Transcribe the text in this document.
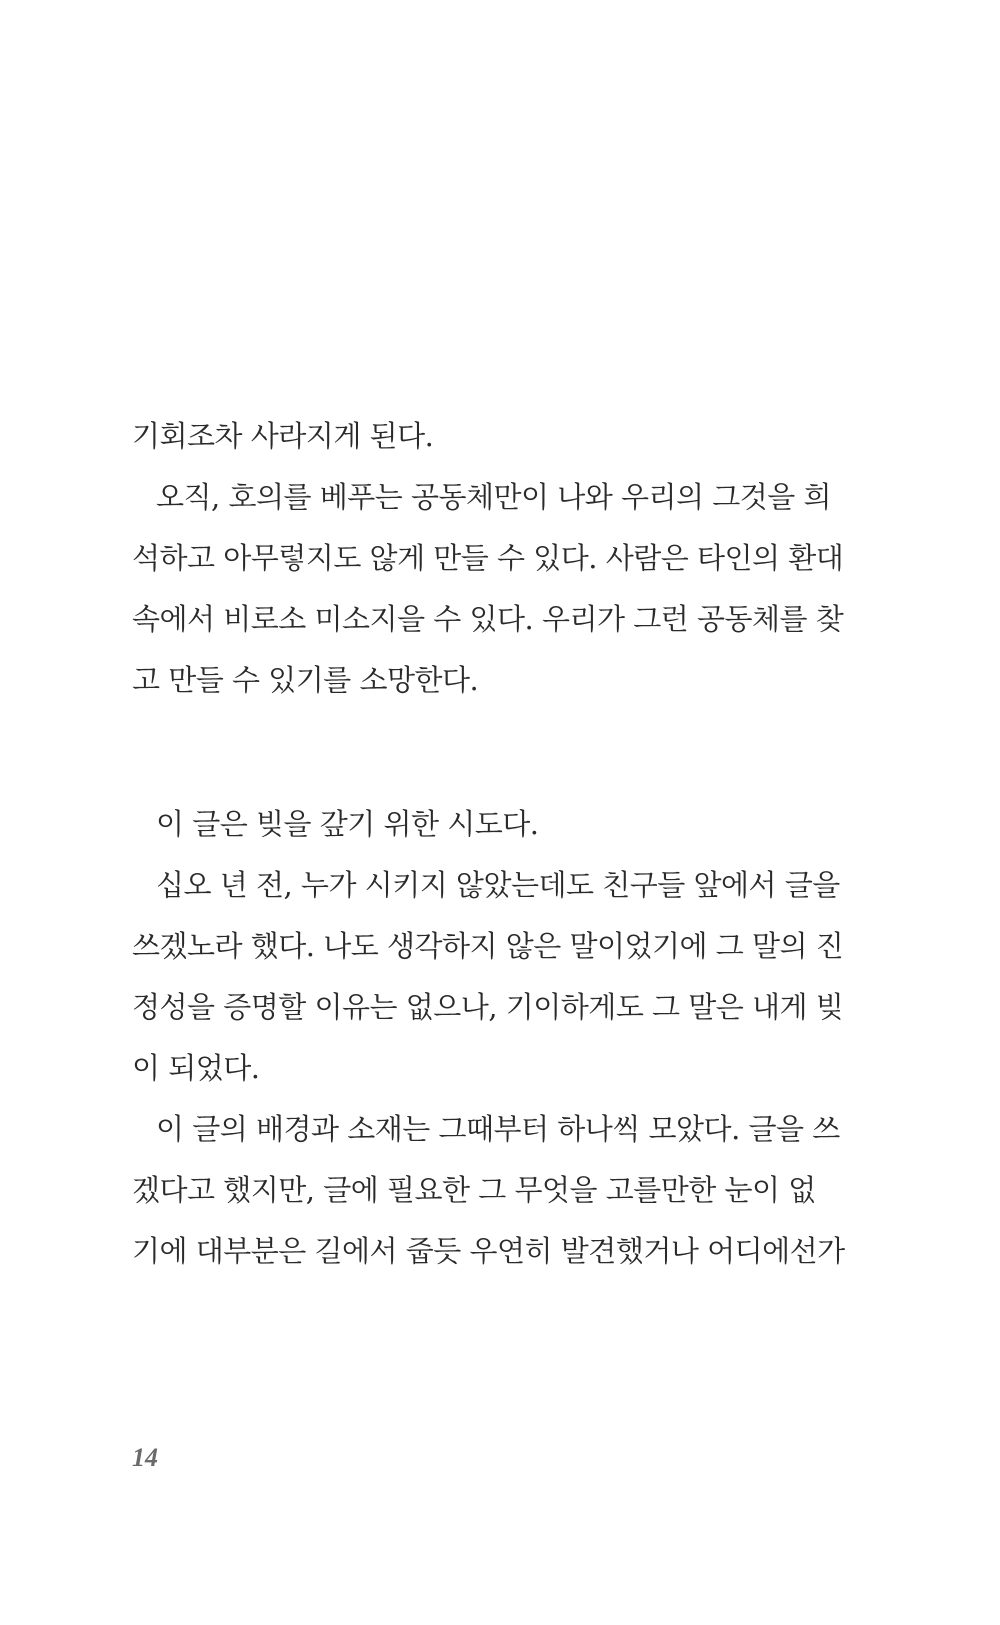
기회조차 사라지게 된다.
오직, 호의를 베푸는 공동체만이 나와 우리의 그것을 희
석하고 아무렇지도 않게 만들 수 있다. 사람은 타인의 환대
속에서 비로소 미소지을 수 있다. 우리가 그런 공동체를 찾
고 만들 수 있기를 소망한다.
이 글은 빚을 갚기 위한 시도다.
십오 년 전, 누가 시키지 않았는데도 친구들 앞에서 글을
쓰겠노라 했다. 나도 생각하지 않은 말이었기에 그 말의 진
정성을 증명할 이유는 없으나, 기이하게도 그 말은 내게 빚
이 되었다.
이 글의 배경과 소재는 그때부터 하나씩 모았다. 글을 쓰
겠다고 했지만, 글에 필요한 그 무엇을 고를만한 눈이 없
기에 대부분은 길에서 줍듯 우연히 발견했거나 어디에선가
14
